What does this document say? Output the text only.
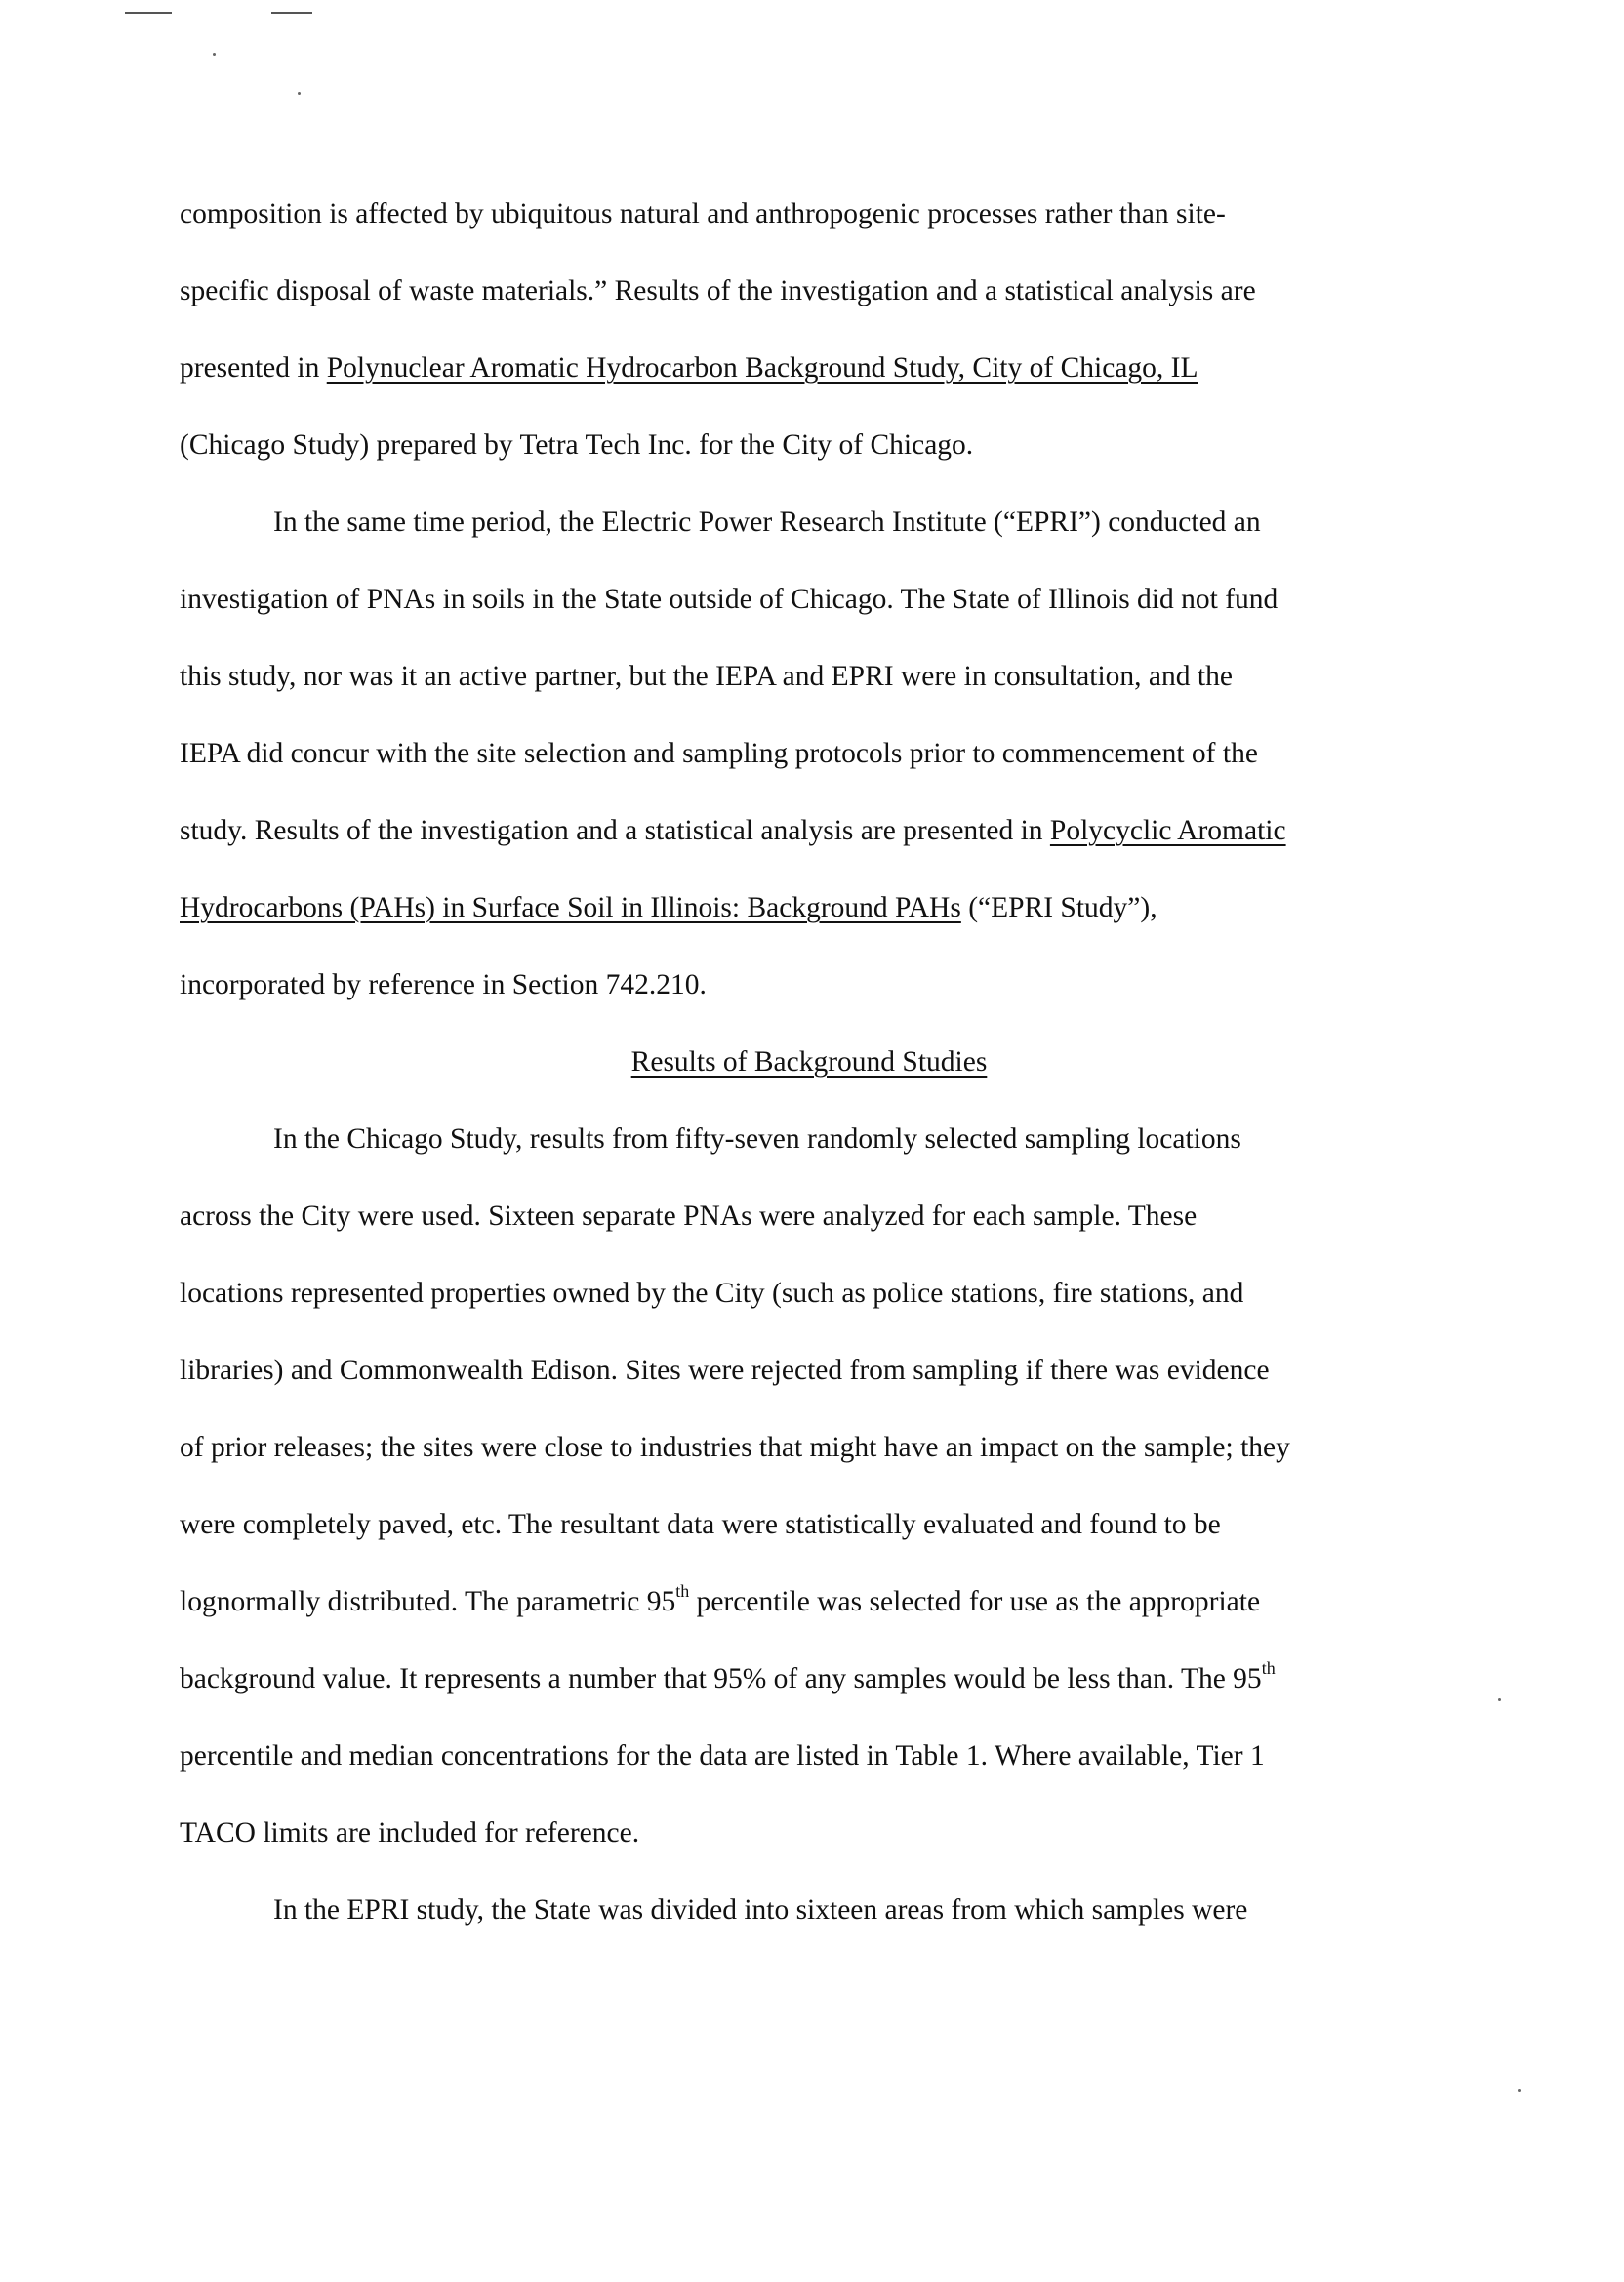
composition is affected by ubiquitous natural and anthropogenic processes rather than site-
specific disposal of waste materials.” Results of the investigation and a statistical analysis are
presented in Polynuclear Aromatic Hydrocarbon Background Study, City of Chicago, IL
(Chicago Study) prepared by Tetra Tech Inc. for the City of Chicago.
In the same time period, the Electric Power Research Institute (“EPRI”) conducted an
investigation of PNAs in soils in the State outside of Chicago. The State of Illinois did not fund
this study, nor was it an active partner, but the IEPA and EPRI were in consultation, and the
IEPA did concur with the site selection and sampling protocols prior to commencement of the
study. Results of the investigation and a statistical analysis are presented in Polycyclic Aromatic
Hydrocarbons (PAHs) in Surface Soil in Illinois: Background PAHs (“EPRI Study”),
incorporated by reference in Section 742.210.
Results of Background Studies
In the Chicago Study, results from fifty-seven randomly selected sampling locations
across the City were used. Sixteen separate PNAs were analyzed for each sample. These
locations represented properties owned by the City (such as police stations, fire stations, and
libraries) and Commonwealth Edison. Sites were rejected from sampling if there was evidence
of prior releases; the sites were close to industries that might have an impact on the sample; they
were completely paved, etc. The resultant data were statistically evaluated and found to be
lognormally distributed. The parametric 95th percentile was selected for use as the appropriate
background value. It represents a number that 95% of any samples would be less than. The 95th
percentile and median concentrations for the data are listed in Table 1. Where available, Tier 1
TACO limits are included for reference.
In the EPRI study, the State was divided into sixteen areas from which samples were
